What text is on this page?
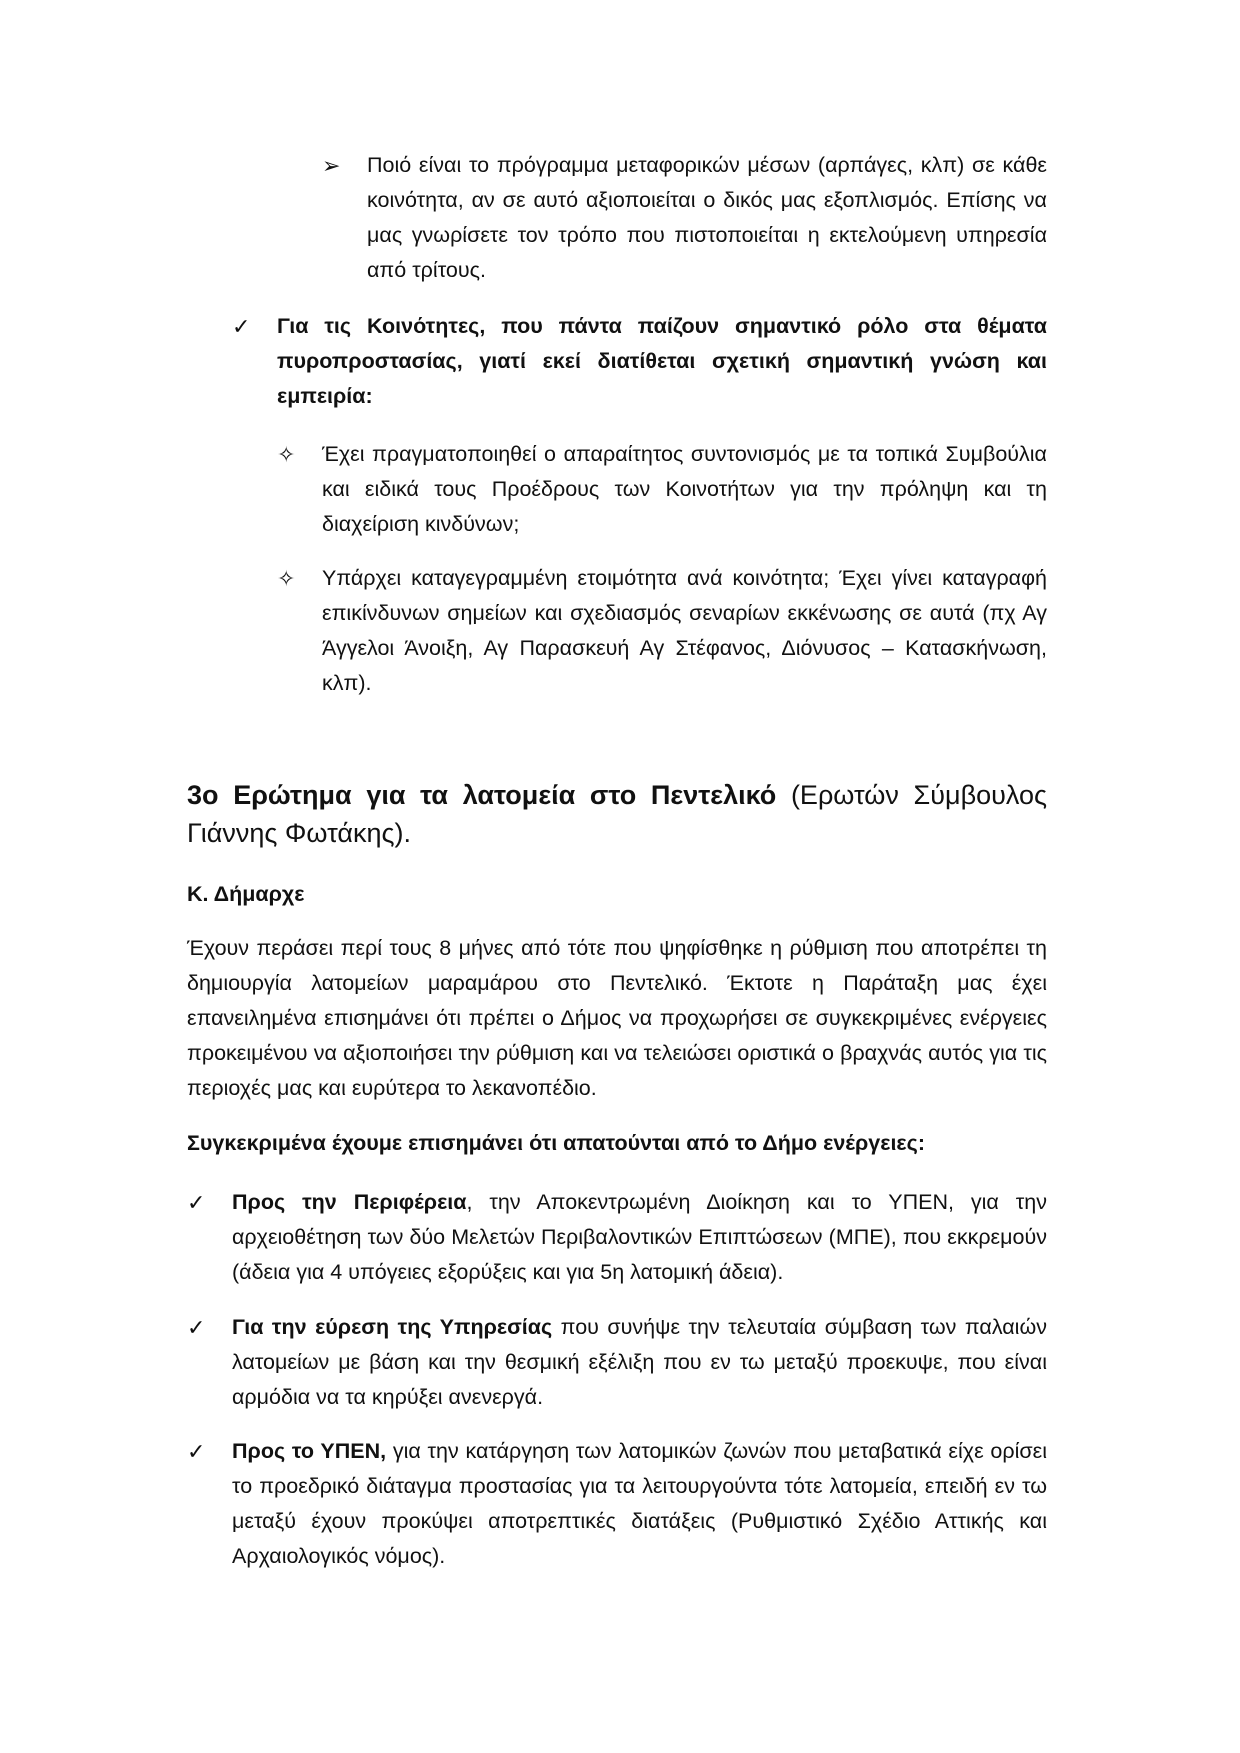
➢ Ποιό είναι το πρόγραμμα μεταφορικών μέσων (αρπάγες, κλπ) σε κάθε κοινότητα, αν σε αυτό αξιοποιείται ο δικός μας εξοπλισμός. Επίσης να μας γνωρίσετε τον τρόπο που πιστοποιείται η εκτελούμενη υπηρεσία από τρίτους.
✓ Για τις Κοινότητες, που πάντα παίζουν σημαντικό ρόλο στα θέματα πυροπροστασίας, γιατί εκεί διατίθεται σχετική σημαντική γνώση και εμπειρία:
✧ Έχει πραγματοποιηθεί ο απαραίτητος συντονισμός με τα τοπικά Συμβούλια και ειδικά τους Προέδρους των Κοινοτήτων για την πρόληψη και τη διαχείριση κινδύνων;
✧ Υπάρχει καταγεγραμμένη ετοιμότητα ανά κοινότητα; Έχει γίνει καταγραφή επικίνδυνων σημείων και σχεδιασμός σεναρίων εκκένωσης σε αυτά (πχ Αγ Άγγελοι Άνοιξη, Αγ Παρασκευή Αγ Στέφανος, Διόνυσος – Κατασκήνωση, κλπ).
3ο Ερώτημα για τα λατομεία στο Πεντελικό (Ερωτών Σύμβουλος Γιάννης Φωτάκης).
Κ. Δήμαρχε
Έχουν περάσει περί τους 8 μήνες από τότε που ψηφίσθηκε η ρύθμιση που αποτρέπει τη δημιουργία λατομείων μαραμάρου στο Πεντελικό. Έκτοτε η Παράταξη μας έχει επανειλημένα επισημάνει ότι πρέπει ο Δήμος να προχωρήσει σε συγκεκριμένες ενέργειες προκειμένου να αξιοποιήσει την ρύθμιση και να τελειώσει οριστικά ο βραχνάς αυτός για τις περιοχές μας και ευρύτερα το λεκανοπέδιο.
Συγκεκριμένα έχουμε επισημάνει ότι απατούνται από το Δήμο ενέργειες:
✓ Προς την Περιφέρεια, την Αποκεντρωμένη Διοίκηση και το ΥΠΕΝ, για την αρχειοθέτηση των δύο Μελετών Περιβαλοντικών Επιπτώσεων (ΜΠΕ), που εκκρεμούν (άδεια για 4 υπόγειες εξορύξεις και για 5η λατομική άδεια).
✓ Για την εύρεση της Υπηρεσίας που συνήψε την τελευταία σύμβαση των παλαιών λατομείων με βάση και την θεσμική εξέλιξη που εν τω μεταξύ προεκυψε, που είναι αρμόδια να τα κηρύξει ανενεργά.
✓ Προς το ΥΠΕΝ, για την κατάργηση των λατομικών ζωνών που μεταβατικά είχε ορίσει το προεδρικό διάταγμα προστασίας για τα λειτουργούντα τότε λατομεία, επειδή εν τω μεταξύ έχουν προκύψει αποτρεπτικές διατάξεις (Ρυθμιστικό Σχέδιο Αττικής και Αρχαιολογικός νόμος).
